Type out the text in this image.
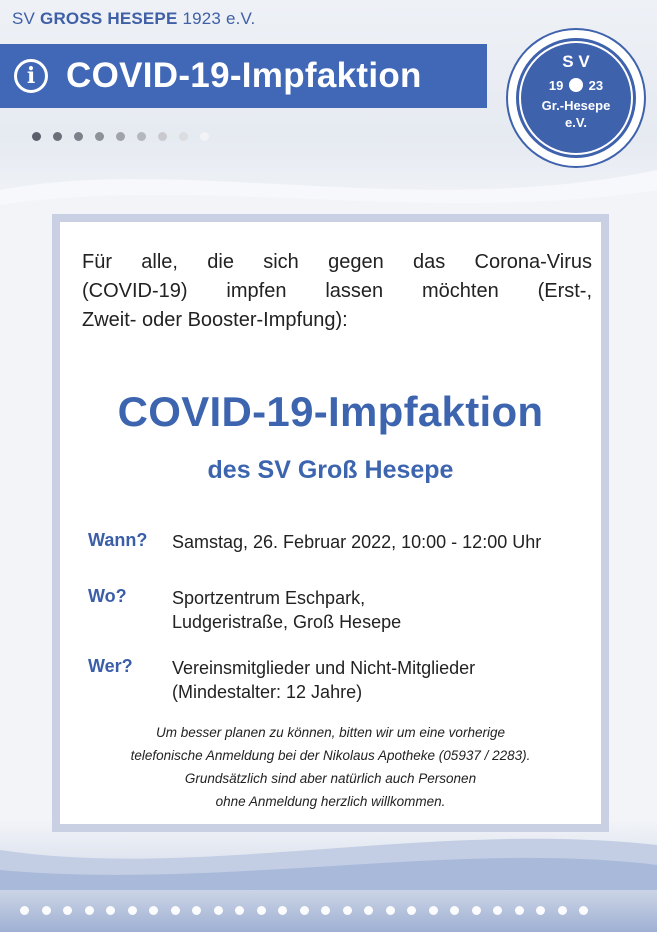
SV GROSS HESEPE 1923 e.V.
i COVID-19-Impfaktion	S V
19 23
Gr.-Hesepe
e.V.
Für alle, die sich gegen das Corona-Virus
(COVID-19) impfen lassen möchten (Erst-,
Zweit- oder Booster-Impfung):
COVID-19-Impfaktion
des SV Groß Hesepe
Wann? Samstag, 26. Februar 2022, 10:00 - 12:00 Uhr
Wo?	Sportzentrum Eschpark,
Ludgeristraße, Groß Hesepe
Wer? Vereinsmitglieder und Nicht-Mitglieder
(Mindestalter: 12 Jahre)
Um besser planen zu können, bitten wir um eine vorherige
telefonische Anmeldung bei der Nikolaus Apotheke (05937 / 2283).
Grundsätzlich sind aber natürlich auch Personen
ohne Anmeldung herzlich willkommen.
